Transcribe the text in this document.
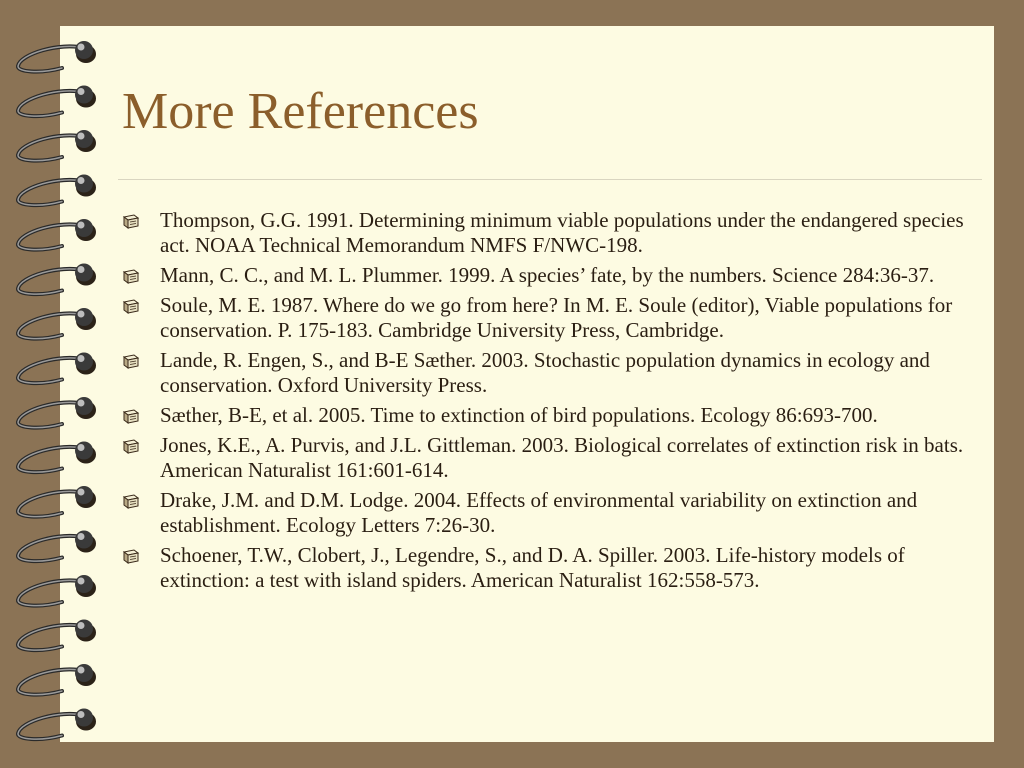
More References
Thompson, G.G. 1991. Determining minimum viable populations under the endangered species act. NOAA Technical Memorandum NMFS F/NWC-198.
Mann, C. C., and M. L. Plummer. 1999. A species’ fate, by the numbers. Science 284:36-37.
Soule, M. E. 1987. Where do we go from here? In M. E. Soule (editor), Viable populations for conservation. P. 175-183. Cambridge University Press, Cambridge.
Lande, R. Engen, S., and B-E Sæther. 2003. Stochastic population dynamics in ecology and conservation. Oxford University Press.
Sæther, B-E, et al. 2005. Time to extinction of bird populations. Ecology 86:693-700.
Jones, K.E., A. Purvis, and J.L. Gittleman. 2003. Biological correlates of extinction risk in bats. American Naturalist 161:601-614.
Drake, J.M. and D.M. Lodge. 2004. Effects of environmental variability on extinction and establishment. Ecology Letters 7:26-30.
Schoener, T.W., Clobert, J., Legendre, S., and D. A. Spiller. 2003. Life-history models of extinction: a test with island spiders. American Naturalist 162:558-573.
